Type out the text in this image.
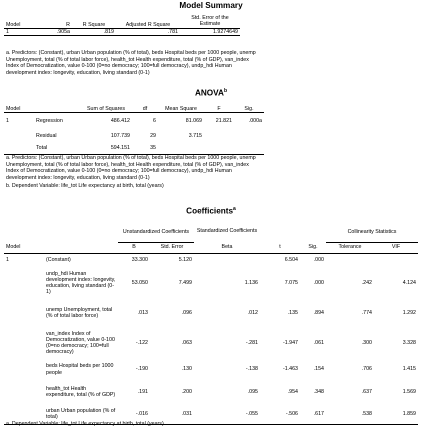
Model Summary
Model	R	R Square	Adjusted R Square	Std. Error of the Estimate
1	.905a	.819	.781	1.9274649
a. Predictors: (Constant), urban Urban population (% of total), beds Hospital beds per 1000 people, unemp
Unemployment, total (% of total labor force), health_tot Health expenditure, total (% of GDP), van_index
Index of Democratization, value 0-100 (0=no democracy; 100=full democracy), undp_hdi Human
development index: longevity, education, living standard (0-1)
ANOVA$^b$
Model		Sum of Squares	df	Mean Square	F	Sig.
1	Regression	486.412	6	81.069	21.821	.000a
	Residual	107.739	29	3.715		
	Total	594.151	35			
a. Predictors: (Constant), urban Urban population (% of total), beds Hospital beds per 1000 people, unemp
Unemployment, total (% of total labor force), health_tot Health expenditure, total (% of GDP), van_index
Index of Democratization, value 0-100 (0=no democracy; 100=full democracy), undp_hdi Human
development index: longevity, education, living standard (0-1)
b. Dependent Variable: life_tot Life expectancy at birth, total (years)
Coefficients$^a$
		Unstandardized Coefficients		Standardized Coefficients			Collinearity Statistics	
Model		B	Std. Error	Beta	t	Sig.	Tolerance	VIF
1	(Constant)	33.300	5.120		6.504	.000		
	undp_hdi Human development index: longevity, education, living standard (0-1)	53.050	7.499	1.136	7.075	.000	.242	4.124
	unemp Unemployment, total (% of total labor force)	.013	.096	.012	.135	.894	.774	1.292
	van_index Index of Democratization, value 0-100 (0=no democracy; 100=full democracy)	-.122	.063	-.281	-1.947	.061	.300	3.328
	beds Hospital beds per 1000 people	-.190	.130	-.138	-1.463	.154	.706	1.415
	health_tot Health expenditure, total (% of GDP)	.191	.200	.095	.954	.348	.637	1.569
	urban Urban population (% of total)	-.016	.031	-.055	-.506	.617	.538	1.859
a. Dependent Variable: life_tot Life expectancy at birth, total (years)
